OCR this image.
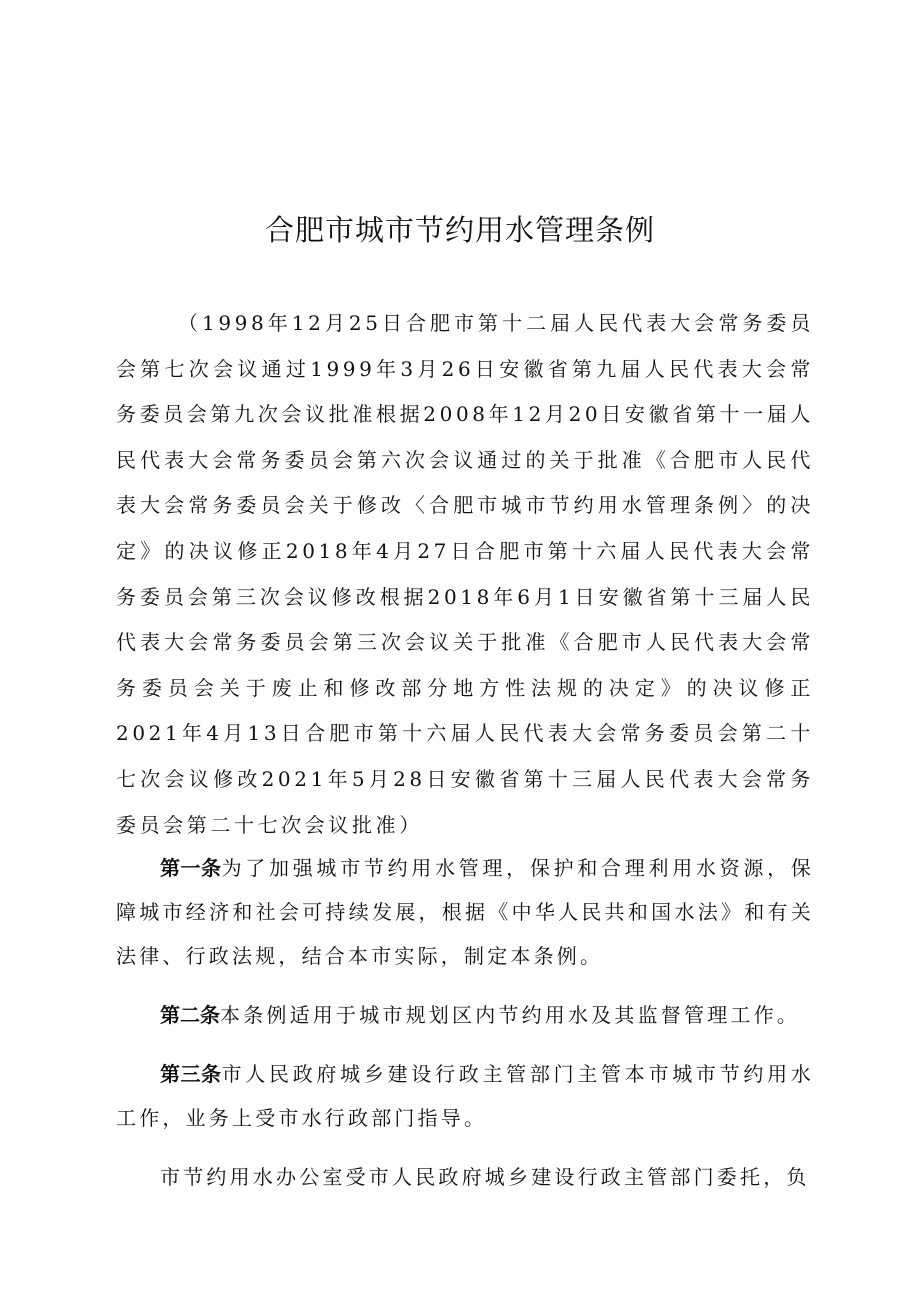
合肥市城市节约用水管理条例

（1998年12月25日合肥市第十二届人民代表大会常务委员会第七次会议通过1999年3月26日安徽省第九届人民代表大会常务委员会第九次会议批准根据2008年12月20日安徽省第十一届人民代表大会常务委员会第六次会议通过的关于批准《合肥市人民代表大会常务委员会关于修改〈合肥市城市节约用水管理条例〉的决定》的决议修正2018年4月27日合肥市第十六届人民代表大会常务委员会第三次会议修改根据2018年6月1日安徽省第十三届人民代表大会常务委员会第三次会议关于批准《合肥市人民代表大会常务委员会关于废止和修改部分地方性法规的决定》的决议修正2021年4月13日合肥市第十六届人民代表大会常务委员会第二十七次会议修改2021年5月28日安徽省第十三届人民代表大会常务委员会第二十七次会议批准）

第一条为了加强城市节约用水管理，保护和合理利用水资源，保障城市经济和社会可持续发展，根据《中华人民共和国水法》和有关法律、行政法规，结合本市实际，制定本条例。

第二条本条例适用于城市规划区内节约用水及其监督管理工作。

第三条市人民政府城乡建设行政主管部门主管本市城市节约用水工作，业务上受市水行政部门指导。

市节约用水办公室受市人民政府城乡建设行政主管部门委托，负
